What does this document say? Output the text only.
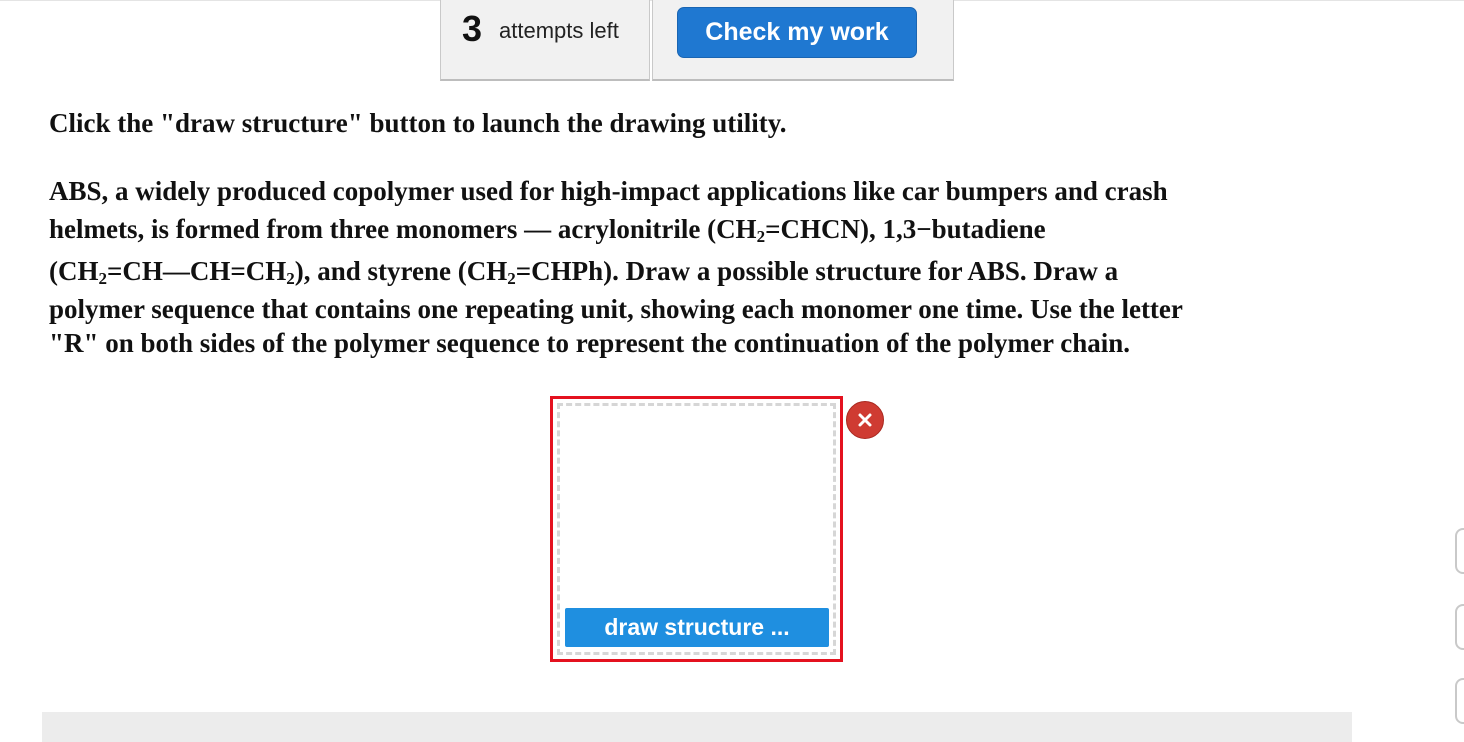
3 attempts left	Check my work
Click the "draw structure" button to launch the drawing utility.
ABS, a widely produced copolymer used for high-impact applications like car bumpers and crash
helmets, is formed from three monomers — acrylonitrile $(CH_2=CHCN)$, 1,3−butadiene
$(CH_2=CH—CH=CH_2)$, and styrene $(CH_2=CHPh)$. Draw a possible structure for ABS. Draw a
polymer sequence that contains one repeating unit, showing each monomer one time. Use the letter
"R" on both sides of the polymer sequence to represent the continuation of the polymer chain.
draw structure ...
